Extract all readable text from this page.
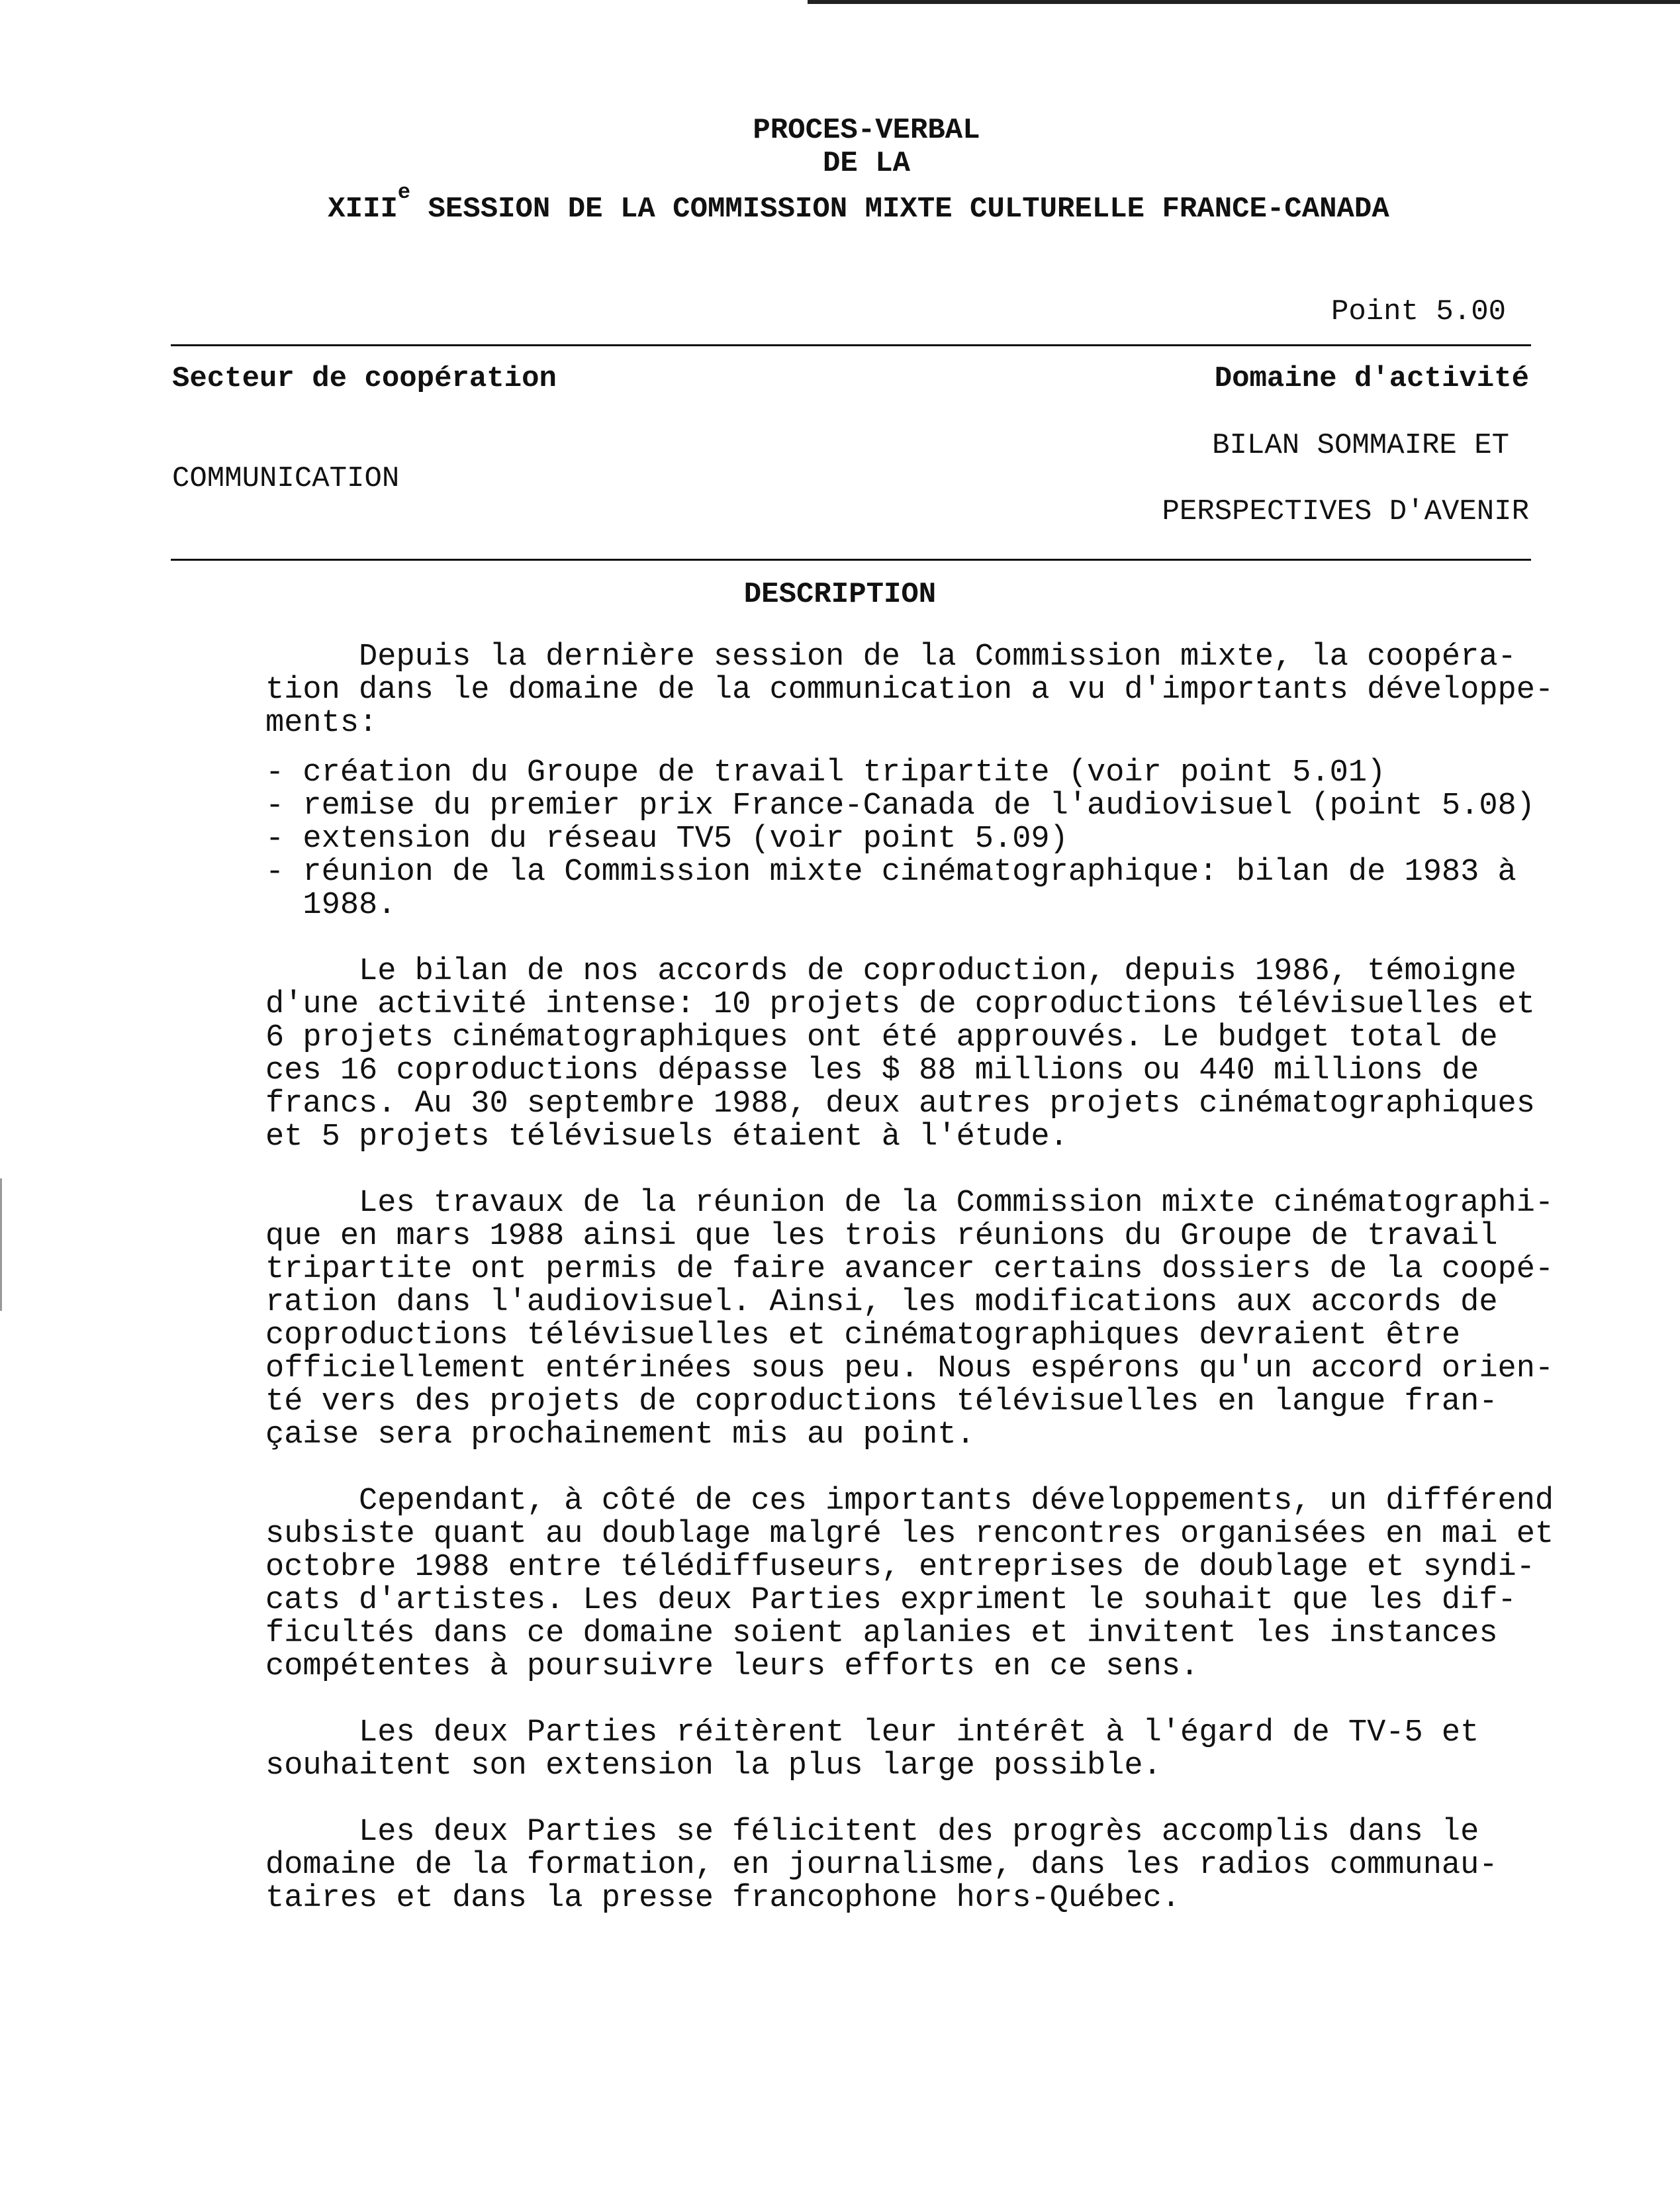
PROCES-VERBAL
DE LA
XIIIe SESSION DE LA COMMISSION MIXTE CULTURELLE FRANCE-CANADA
Point 5.00
Secteur de coopération	Domaine d'activité
BILAN SOMMAIRE ET
COMMUNICATION
PERSPECTIVES D'AVENIR
DESCRIPTION
Depuis la dernière session de la Commission mixte, la coopéra-
tion dans le domaine de la communication a vu d'importants développe-
ments:
- création du Groupe de travail tripartite (voir point 5.01)
- remise du premier prix France-Canada de l'audiovisuel (point 5.08)
- extension du réseau TV5 (voir point 5.09)
- réunion de la Commission mixte cinématographique: bilan de 1983 à
1988.
Le bilan de nos accords de coproduction, depuis 1986, témoigne
d'une activité intense: 10 projets de coproductions télévisuelles et
6 projets cinématographiques ont été approuvés. Le budget total de
ces 16 coproductions dépasse les $ 88 millions ou 440 millions de
francs. Au 30 septembre 1988, deux autres projets cinématographiques
et 5 projets télévisuels étaient à l'étude.
Les travaux de la réunion de la Commission mixte cinématographi-
que en mars 1988 ainsi que les trois réunions du Groupe de travail
tripartite ont permis de faire avancer certains dossiers de la coopé-
ration dans l'audiovisuel. Ainsi, les modifications aux accords de
coproductions télévisuelles et cinématographiques devraient être
officiellement entérinées sous peu. Nous espérons qu'un accord orien-
té vers des projets de coproductions télévisuelles en langue fran-
çaise sera prochainement mis au point.
Cependant, à côté de ces importants développements, un différend
subsiste quant au doublage malgré les rencontres organisées en mai et
octobre 1988 entre télédiffuseurs, entreprises de doublage et syndi-
cats d'artistes. Les deux Parties expriment le souhait que les dif-
ficultés dans ce domaine soient aplanies et invitent les instances
compétentes à poursuivre leurs efforts en ce sens.
Les deux Parties réitèrent leur intérêt à l'égard de TV-5 et
souhaitent son extension la plus large possible.
Les deux Parties se félicitent des progrès accomplis dans le
domaine de la formation, en journalisme, dans les radios communau-
taires et dans la presse francophone hors-Québec.
